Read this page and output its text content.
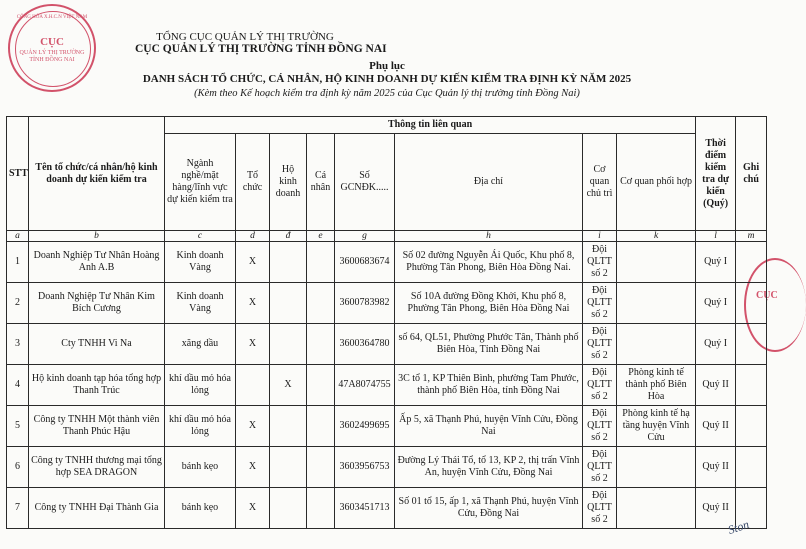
CỘNG HÒA X.H.C.N VIỆT NAM
CỤC
QUẢN LÝ THỊ TRƯỜNG TỈNH ĐỒNG NAI
CỤC
TỔNG CỤC QUẢN LÝ THỊ TRƯỜNG
CỤC QUẢN LÝ THỊ TRƯỜNG TỈNH ĐỒNG NAI
Phụ lục
DANH SÁCH TỔ CHỨC, CÁ NHÂN, HỘ KINH DOANH DỰ KIẾN KIỂM TRA ĐỊNH KỲ NĂM 2025
(Kèm theo Kế hoạch kiểm tra định kỳ năm 2025 của Cục Quản lý thị trường tỉnh Đồng Nai)
STT	Tên tổ chức/cá nhân/hộ kinh doanh dự kiến kiểm tra	Thông tin liên quan								Thời điểm kiểm tra dự kiến (Quý)	Ghi chú
		Ngành nghề/mặt hàng/lĩnh vực dự kiến kiểm tra	Tổ chức	Hộ kinh doanh	Cá nhân	Số GCNĐK.....	Địa chỉ	Cơ quan chủ trì	Cơ quan phối hợp		
a	b	c	d	đ	e	g	h	i	k	l	m
1	Doanh Nghiệp Tư Nhân Hoàng Anh A.B	Kinh doanh Vàng	X			3600683674	Số 02 đường Nguyễn Ái Quốc, Khu phố 8, Phường Tân Phong, Biên Hòa Đồng Nai.	Đội QLTT số 2		Quý I	
2	Doanh Nghiệp Tư Nhân Kim Bích Cương	Kinh doanh Vàng	X			3600783982	Số 10A đường Đồng Khởi, Khu phố 8, Phường Tân Phong, Biên Hòa Đồng Nai	Đội QLTT số 2		Quý I	
3	Cty TNHH Vi Na	xăng dầu	X			3600364780	số 64, QL51, Phường Phước Tân, Thành phố Biên Hòa, Tỉnh Đồng Nai	Đội QLTT số 2		Quý I	
4	Hộ kinh doanh tạp hóa tổng hợp Thanh Trúc	khí dầu mỏ hóa lỏng		X		47A8074755	3C tổ 1, KP Thiên Bình, phường Tam Phước, thành phố Biên Hòa, tỉnh Đồng Nai	Đội QLTT số 2	Phòng kinh tế thành phố Biên Hòa	Quý II	
5	Công ty TNHH Một thành viên Thanh Phúc Hậu	khí dầu mỏ hóa lỏng	X			3602499695	Ấp 5, xã Thạnh Phú, huyện Vĩnh Cửu, Đồng Nai	Đội QLTT số 2	Phòng kinh tế hạ tầng huyện Vĩnh Cửu	Quý II	
6	Công ty TNHH thương mại tổng hợp SEA DRAGON	bánh kẹo	X			3603956753	Đường Lý Thái Tổ, tổ 13, KP 2, thị trấn Vĩnh An, huyện Vĩnh Cửu, Đồng Nai	Đội QLTT số 2		Quý II	
7	Công ty TNHH Đại Thành Gia	bánh kẹo	X			3603451713	Số 01 tổ 15, ấp 1, xã Thạnh Phú, huyện Vĩnh Cửu, Đồng Nai	Đội QLTT số 2		Quý II	
Ston
